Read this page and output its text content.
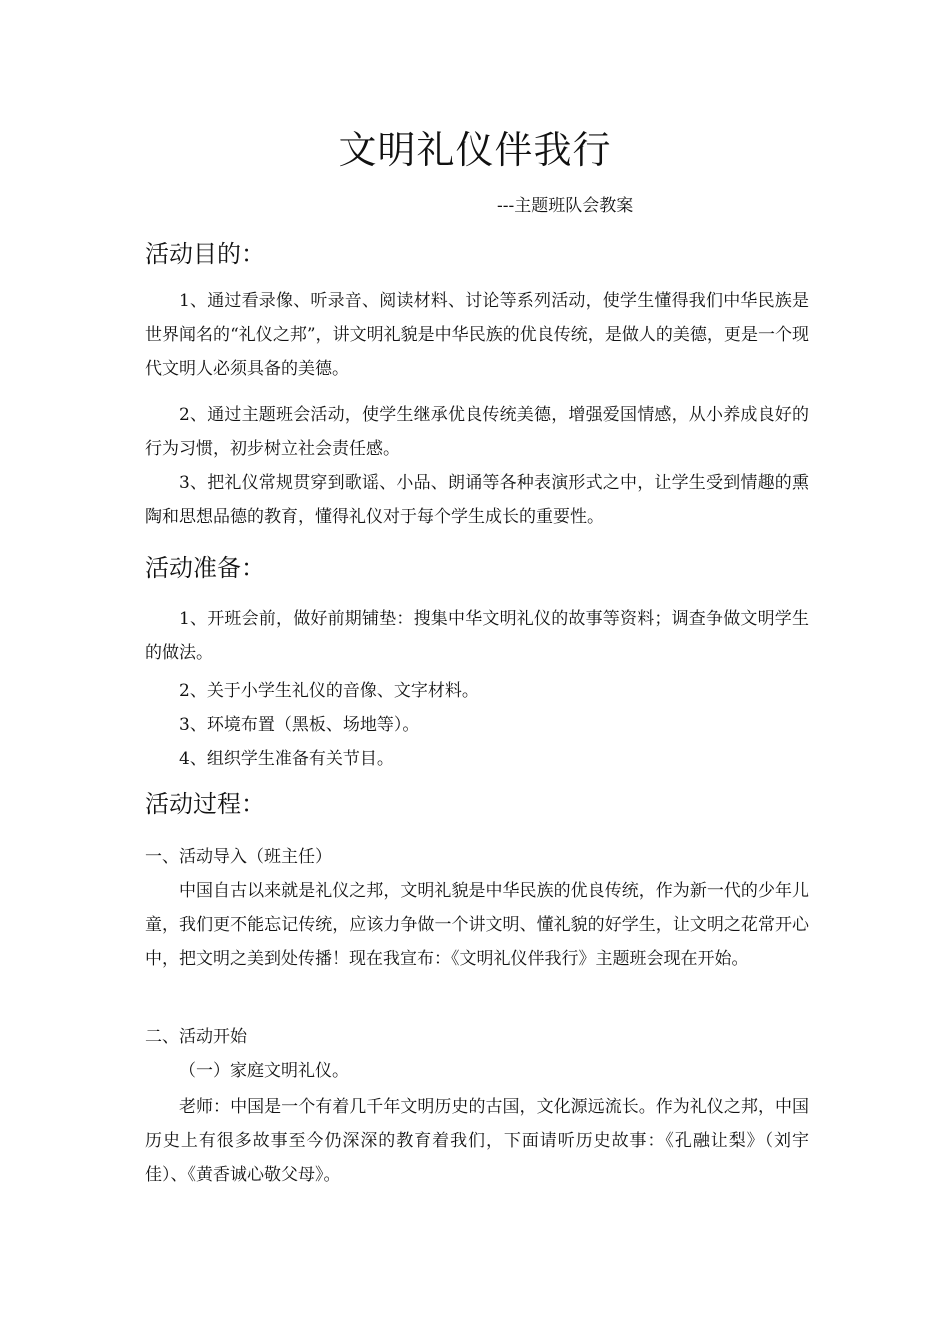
文明礼仪伴我行
---主题班队会教案
活动目的：

1、通过看录像、听录音、阅读材料、讨论等系列活动，使学生懂得我们中华民族是世界闻名的“礼仪之邦”，讲文明礼貌是中华民族的优良传统，是做人的美德，更是一个现代文明人必须具备的美德。

2、通过主题班会活动，使学生继承优良传统美德，增强爱国情感，从小养成良好的行为习惯，初步树立社会责任感。

3、把礼仪常规贯穿到歌谣、小品、朗诵等各种表演形式之中，让学生受到情趣的熏陶和思想品德的教育，懂得礼仪对于每个学生成长的重要性。

活动准备：

1、开班会前，做好前期铺垫：搜集中华文明礼仪的故事等资料；调查争做文明学生的做法。

2、关于小学生礼仪的音像、文字材料。

3、环境布置（黑板、场地等）。

4、组织学生准备有关节目。

活动过程：

一、活动导入（班主任）

中国自古以来就是礼仪之邦，文明礼貌是中华民族的优良传统，作为新一代的少年儿童，我们更不能忘记传统，应该力争做一个讲文明、懂礼貌的好学生，让文明之花常开心中，把文明之美到处传播！现在我宣布：《文明礼仪伴我行》主题班会现在开始。

二、活动开始

（一）家庭文明礼仪。

老师：中国是一个有着几千年文明历史的古国，文化源远流长。作为礼仪之邦，中国历史上有很多故事至今仍深深的教育着我们，下面请听历史故事：《孔融让梨》（刘宇佳）、《黄香诚心敬父母》。
